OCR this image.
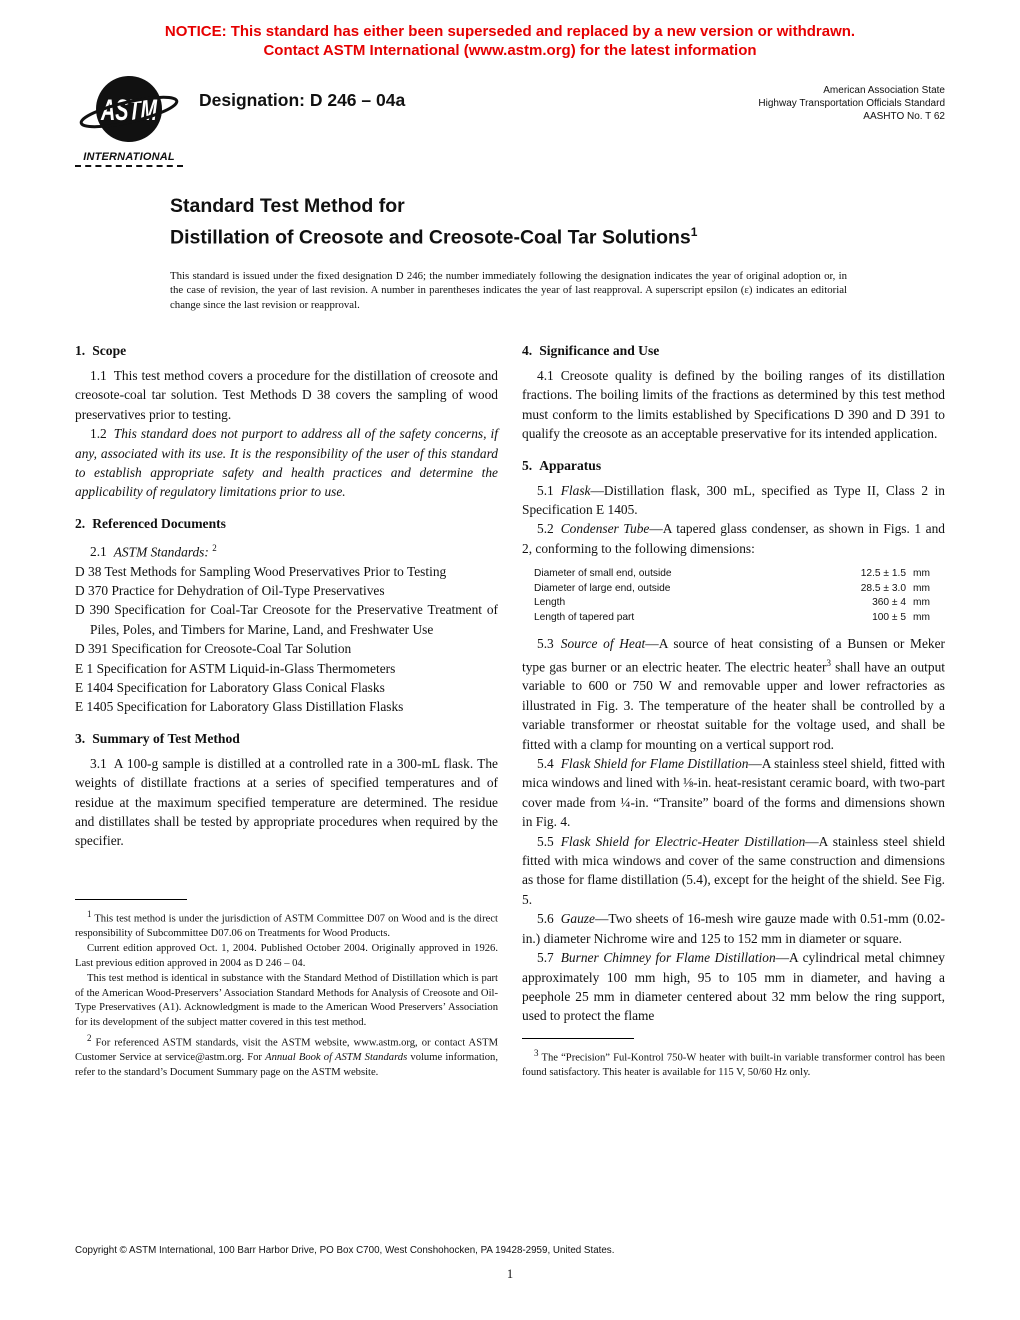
NOTICE: This standard has either been superseded and replaced by a new version or withdrawn.
Contact ASTM International (www.astm.org) for the latest information
ASTM
INTERNATIONAL
Designation: D 246 – 04a	American Association State
Highway Transportation Officials Standard
AASHTO No. T 62
Standard Test Method for
Distillation of Creosote and Creosote-Coal Tar Solutions$^1$

This standard is issued under the fixed designation D 246; the number immediately following the designation indicates the year of original adoption or, in the case of revision, the year of last revision. A number in parentheses indicates the year of last reapproval. A superscript epsilon (ε) indicates an editorial change since the last revision or reapproval.

1. Scope

1.1 This test method covers a procedure for the distillation of creosote and creosote-coal tar solution. Test Methods D 38 covers the sampling of wood preservatives prior to testing.

1.2 This standard does not purport to address all of the safety concerns, if any, associated with its use. It is the responsibility of the user of this standard to establish appropriate safety and health practices and determine the applicability of regulatory limitations prior to use.

2. Referenced Documents

2.1 ASTM Standards: $^2$

D 38 Test Methods for Sampling Wood Preservatives Prior to Testing

D 370 Practice for Dehydration of Oil-Type Preservatives

D 390 Specification for Coal-Tar Creosote for the Preservative Treatment of Piles, Poles, and Timbers for Marine, Land, and Freshwater Use

D 391 Specification for Creosote-Coal Tar Solution

E 1 Specification for ASTM Liquid-in-Glass Thermometers

E 1404 Specification for Laboratory Glass Conical Flasks

E 1405 Specification for Laboratory Glass Distillation Flasks

3. Summary of Test Method

3.1 A 100-g sample is distilled at a controlled rate in a 300-mL flask. The weights of distillate fractions at a series of specified temperatures and of residue at the maximum specified temperature are determined. The residue and distillates shall be tested by appropriate procedures when required by the specifier.

$^1$ This test method is under the jurisdiction of ASTM Committee D07 on Wood and is the direct responsibility of Subcommittee D07.06 on Treatments for Wood Products.

Current edition approved Oct. 1, 2004. Published October 2004. Originally approved in 1926. Last previous edition approved in 2004 as D 246 – 04.

This test method is identical in substance with the Standard Method of Distillation which is part of the American Wood-Preservers’ Association Standard Methods for Analysis of Creosote and Oil-Type Preservatives (A1). Acknowledgment is made to the American Wood Preservers’ Association for its development of the subject matter covered in this test method.

$^2$ For referenced ASTM standards, visit the ASTM website, www.astm.org, or contact ASTM Customer Service at service@astm.org. For Annual Book of ASTM Standards volume information, refer to the standard’s Document Summary page on the ASTM website.

4. Significance and Use

4.1 Creosote quality is defined by the boiling ranges of its distillation fractions. The boiling limits of the fractions as determined by this test method must conform to the limits established by Specifications D 390 and D 391 to qualify the creosote as an acceptable preservative for its intended application.

5. Apparatus

5.1 Flask—Distillation flask, 300 mL, specified as Type II, Class 2 in Specification E 1405.

5.2 Condenser Tube—A tapered glass condenser, as shown in Figs. 1 and 2, conforming to the following dimensions:

Diameter of small end, outside	12.5 ± 1.5 mm
Diameter of large end, outside	28.5 ± 3.0 mm
Length	360 ± 4 mm
Length of tapered part	100 ± 5 mm

5.3 Source of Heat—A source of heat consisting of a Bunsen or Meker type gas burner or an electric heater. The electric heater$^3$ shall have an output variable to 600 or 750 W and removable upper and lower refractories as illustrated in Fig. 3. The temperature of the heater shall be controlled by a variable transformer or rheostat suitable for the voltage used, and shall be fitted with a clamp for mounting on a vertical support rod.

5.4 Flask Shield for Flame Distillation—A stainless steel shield, fitted with mica windows and lined with ⅛-in. heat-resistant ceramic board, with two-part cover made from ¼-in. “Transite” board of the forms and dimensions shown in Fig. 4.

5.5 Flask Shield for Electric-Heater Distillation—A stainless steel shield fitted with mica windows and cover of the same construction and dimensions as those for flame distillation (5.4), except for the height of the shield. See Fig. 5.

5.6 Gauze—Two sheets of 16-mesh wire gauze made with 0.51-mm (0.02-in.) diameter Nichrome wire and 125 to 152 mm in diameter or square.

5.7 Burner Chimney for Flame Distillation—A cylindrical metal chimney approximately 100 mm high, 95 to 105 mm in diameter, and having a peephole 25 mm in diameter centered about 32 mm below the ring support, used to protect the flame

$^3$ The “Precision” Ful-Kontrol 750-W heater with built-in variable transformer control has been found satisfactory. This heater is available for 115 V, 50/60 Hz only.

Copyright © ASTM International, 100 Barr Harbor Drive, PO Box C700, West Conshohocken, PA 19428-2959, United States.
1
